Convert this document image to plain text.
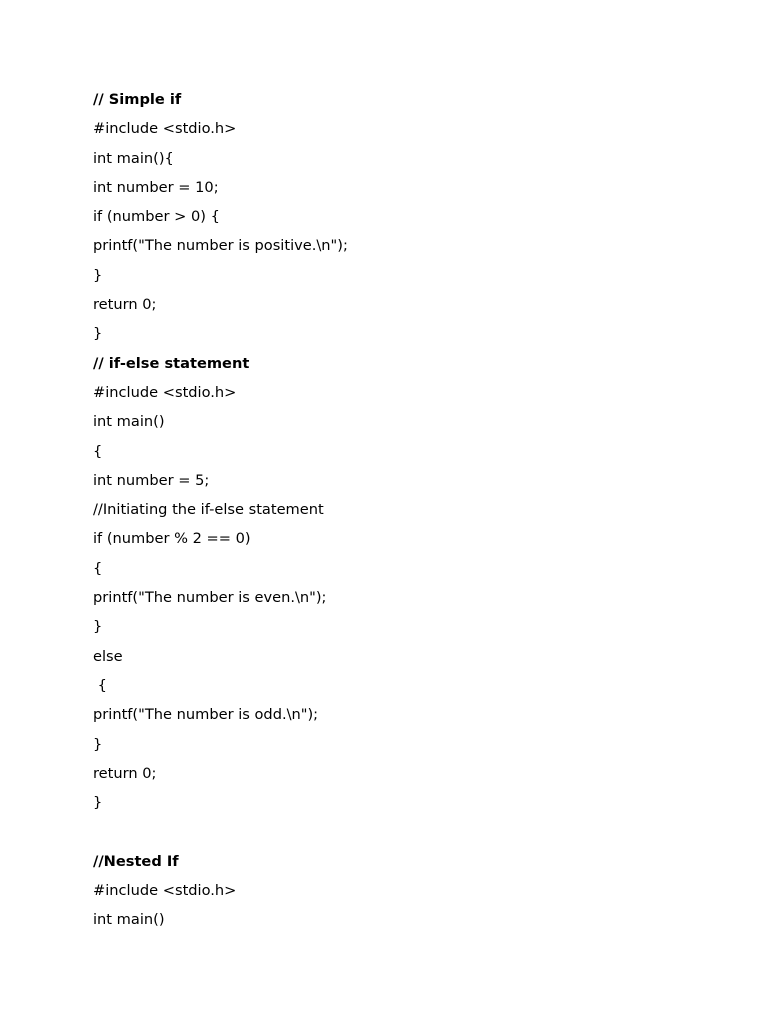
// Simple if
#include <stdio.h>
int main(){
int number = 10;
if (number > 0) {
printf("The number is positive.\n");
}
return 0;
}
// if-else statement
#include <stdio.h>
int main()
{
int number = 5;
//Initiating the if-else statement
if (number % 2 == 0)
{
printf("The number is even.\n");
}
else
{
printf("The number is odd.\n");
}
return 0;
}
//Nested If
#include <stdio.h>
int main()
